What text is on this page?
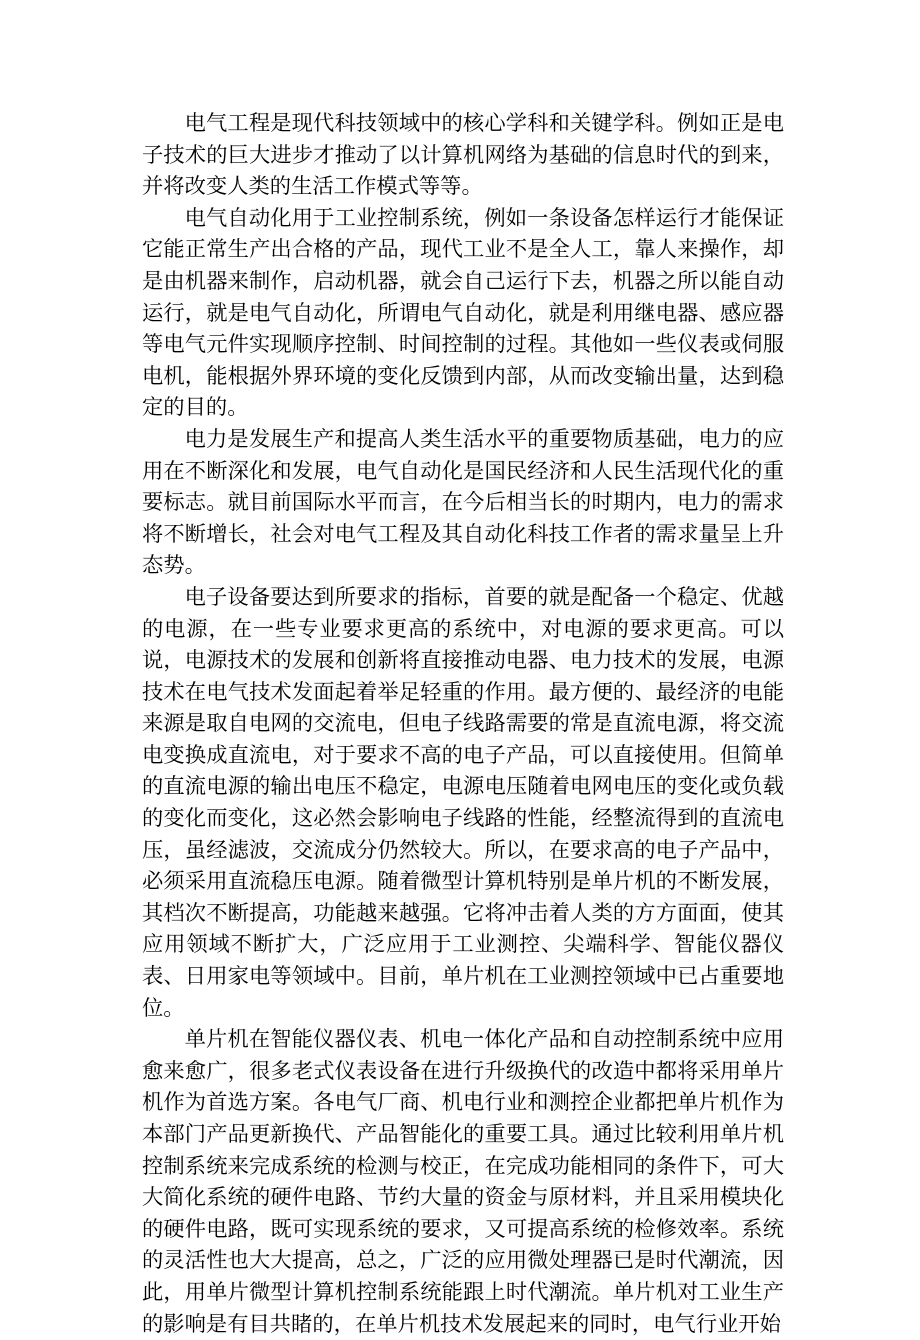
电气工程是现代科技领域中的核心学科和关键学科。例如正是电子技术的巨大进步才推动了以计算机网络为基础的信息时代的到来，并将改变人类的生活工作模式等等。

电气自动化用于工业控制系统，例如一条设备怎样运行才能保证它能正常生产出合格的产品，现代工业不是全人工，靠人来操作，却是由机器来制作，启动机器，就会自己运行下去，机器之所以能自动运行，就是电气自动化，所谓电气自动化，就是利用继电器、感应器等电气元件实现顺序控制、时间控制的过程。其他如一些仪表或伺服电机，能根据外界环境的变化反馈到内部，从而改变输出量，达到稳定的目的。

电力是发展生产和提高人类生活水平的重要物质基础，电力的应用在不断深化和发展，电气自动化是国民经济和人民生活现代化的重要标志。就目前国际水平而言，在今后相当长的时期内，电力的需求将不断增长，社会对电气工程及其自动化科技工作者的需求量呈上升态势。

电子设备要达到所要求的指标，首要的就是配备一个稳定、优越的电源，在一些专业要求更高的系统中，对电源的要求更高。可以说，电源技术的发展和创新将直接推动电器、电力技术的发展，电源技术在电气技术发面起着举足轻重的作用。最方便的、最经济的电能来源是取自电网的交流电，但电子线路需要的常是直流电源，将交流电变换成直流电，对于要求不高的电子产品，可以直接使用。但简单的直流电源的输出电压不稳定，电源电压随着电网电压的变化或负载的变化而变化，这必然会影响电子线路的性能，经整流得到的直流电压，虽经滤波，交流成分仍然较大。所以，在要求高的电子产品中，必须采用直流稳压电源。随着微型计算机特别是单片机的不断发展，其档次不断提高，功能越来越强。它将冲击着人类的方方面面，使其应用领域不断扩大，广泛应用于工业测控、尖端科学、智能仪器仪表、日用家电等领域中。目前，单片机在工业测控领域中已占重要地位。

单片机在智能仪器仪表、机电一体化产品和自动控制系统中应用愈来愈广，很多老式仪表设备在进行升级换代的改造中都将采用单片机作为首选方案。各电气厂商、机电行业和测控企业都把单片机作为本部门产品更新换代、产品智能化的重要工具。通过比较利用单片机控制系统来完成系统的检测与校正，在完成功能相同的条件下，可大大简化系统的硬件电路、节约大量的资金与原材料，并且采用模块化的硬件电路，既可实现系统的要求，又可提高系统的检修效率。系统的灵活性也大大提高，总之，广泛的应用微处理器已是时代潮流，因此，用单片微型计算机控制系统能跟上时代潮流。单片机对工业生产的影响是有目共睹的，在单片机技术发展起来的同时，电气行业开始
